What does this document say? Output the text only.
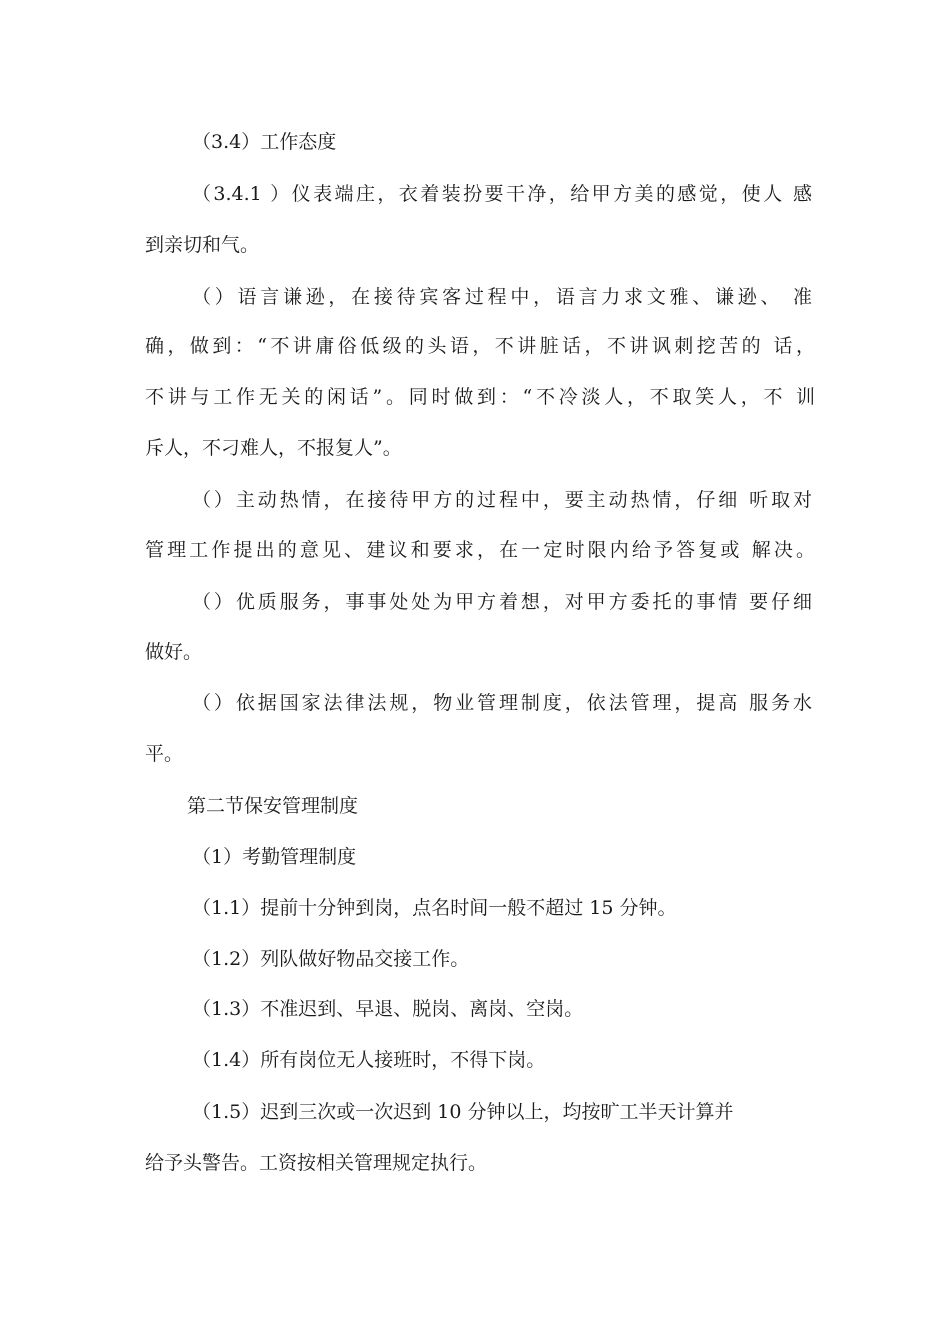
（3.4）工作态度
（3.4.1 ）仪表端庄，衣着装扮要干净，给甲方美的感觉，使人 感
到亲切和气。
（）语言谦逊，在接待宾客过程中，语言力求文雅、谦逊、 准
确，做到：“不讲庸俗低级的头语，不讲脏话，不讲讽刺挖苦的 话，
不讲与工作无关的闲话”。同时做到：“不冷淡人，不取笑人，不 训
斥人，不刁难人，不报复人”。
（）主动热情，在接待甲方的过程中，要主动热情，仔细 听取对
管理工作提出的意见、建议和要求，在一定时限内给予答复或 解决。
（）优质服务，事事处处为甲方着想，对甲方委托的事情 要仔细
做好。
（）依据国家法律法规，物业管理制度，依法管理，提高 服务水
平。
第二节保安管理制度
（1）考勤管理制度
（1.1）提前十分钟到岗，点名时间一般不超过 15 分钟。
（1.2）列队做好物品交接工作。
（1.3）不准迟到、早退、脱岗、离岗、空岗。
（1.4）所有岗位无人接班时，不得下岗。
（1.5）迟到三次或一次迟到 10 分钟以上，均按旷工半天计算并
给予头警告。工资按相关管理规定执行。
